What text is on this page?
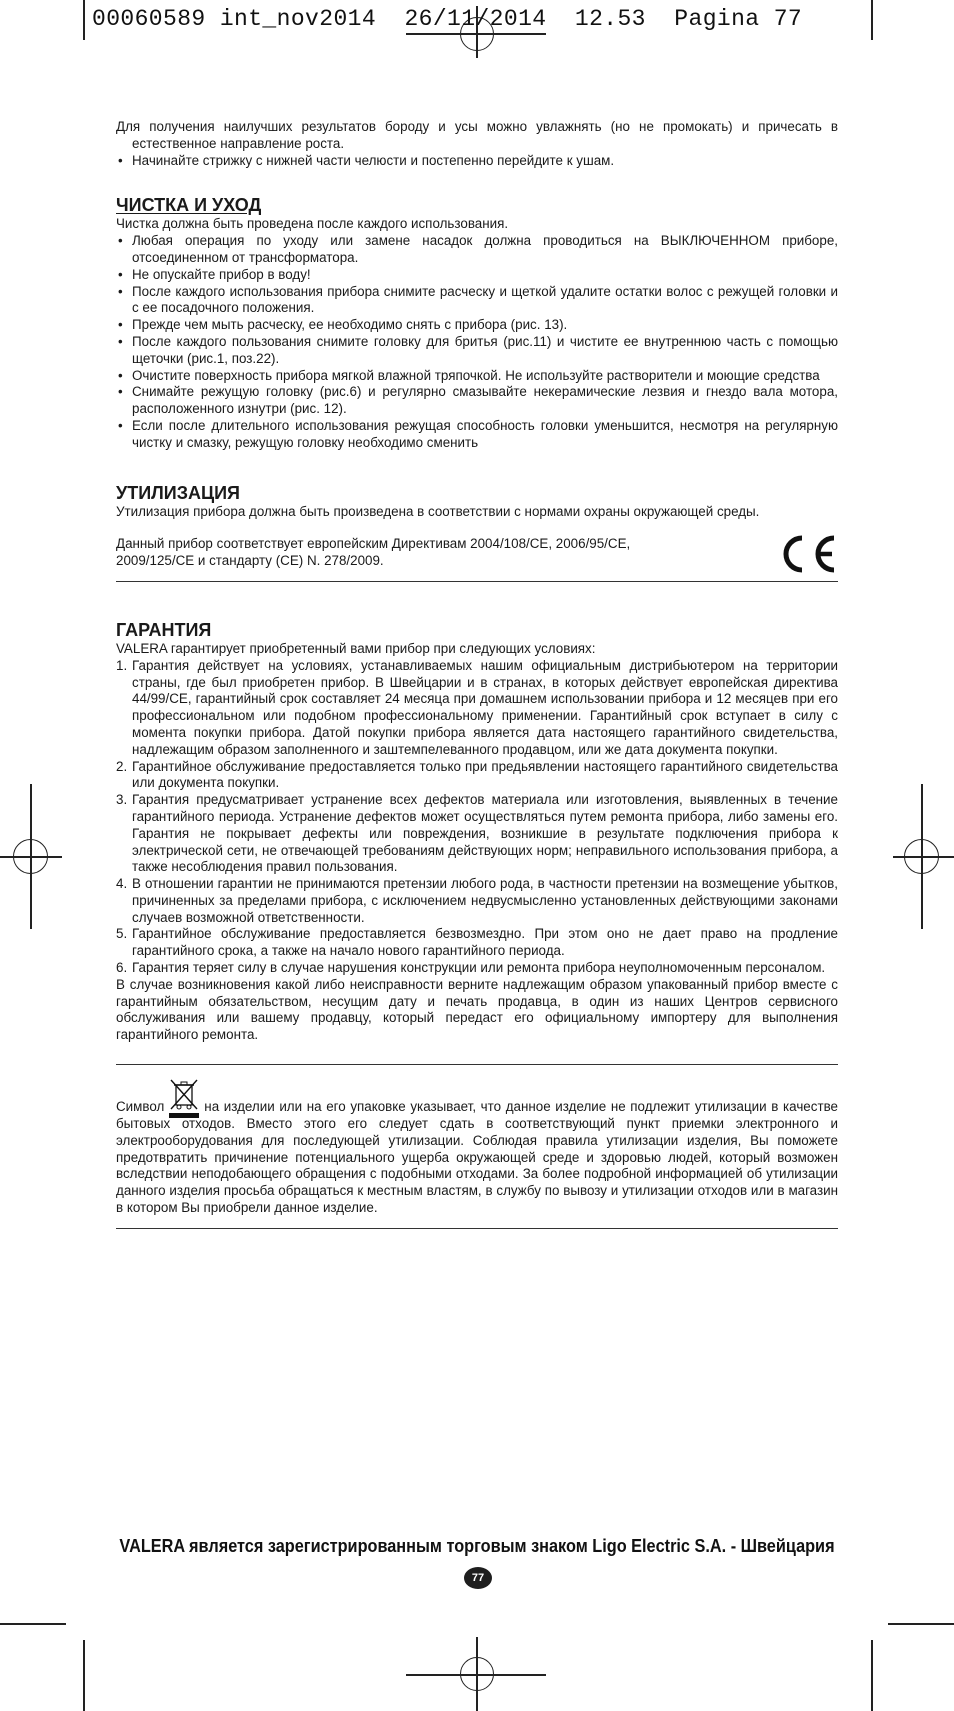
00060589 int_nov2014  26/11/2014  12.53  Pagina 77

Для получения наилучших результатов бороду и усы можно увлажнять (но не промокать) и причесать в естественное направление роста.

• Начинайте стрижку с нижней части челюсти и постепенно перейдите к ушам.
ЧИСТКА И УХОД

Чистка должна быть проведена после каждого использования.

• Любая операция по уходу или замене насадок должна проводиться на ВЫКЛЮЧЕННОМ приборе, отсоединенном от трансформатора.
• Не опускайте прибор в воду!
• После каждого использования прибора снимите расческу и щеткой удалите остатки волос с режущей головки и с ее посадочного положения.
• Прежде чем мыть расческу, ее необходимо снять с прибора (рис. 13).
• После каждого пользования снимите головку для бритья (рис.11) и чистите ее внутреннюю часть с помощью щеточки (рис.1, поз.22).
• Очистите поверхность прибора мягкой влажной тряпочкой. Не используйте растворители и моющие средства
• Снимайте режущую головку (рис.6) и регулярно смазывайте некерамические лезвия и гнездо вала мотора, расположенного изнутри (рис. 12).
• Если после длительного использования режущая способность головки уменьшится, несмотря на регулярную чистку и смазку, режущую головку необходимо сменить
УТИЛИЗАЦИЯ

Утилизация прибора должна быть произведена в соответствии с нормами охраны окружающей среды.

Данный прибор соответствует европейским Директивам 2004/108/CE, 2006/95/CE,

2009/125/CE и стандарту (CE) N. 278/2009.

ГАРАНТИЯ

VALERA гарантирует приобретенный вами прибор при следующих условиях:

1. Гарантия действует на условиях, устанавливаемых нашим официальным дистрибьютером на территории страны, где был приобретен прибор. В Швейцарии и в странах, в которых действует европейская директива 44/99/CE, гарантийный срок составляет 24 месяца при домашнем использовании прибора и 12 месяцев при его профессиональном или подобном профессиональному применении. Гарантийный срок вступает в силу с момента покупки прибора. Датой покупки прибора является дата настоящего гарантийного свидетельства, надлежащим образом заполненного и заштемпелеванного продавцом, или же дата документа покупки.
2. Гарантийное обслуживание предоставляется только при предьявлении настоящего гарантийного свидетельства или документа покупки.
3. Гарантия предусматривает устранение всех дефектов материала или изготовления, выявленных в течение гарантийного периода. Устранение дефектов может осуществляться путем ремонта прибора, либо замены его. Гарантия не покрывает дефекты или повреждения, возникшие в результате подключения прибора к электрической сети, не отвечающей требованиям действующих норм; неправильного использования прибора, а также несоблюдения правил пользования.
4. В отношении гарантии не принимаются претензии любого рода, в частности претензии на возмещение убытков, причиненных за пределами прибора, с исключением недвусмысленно установленных действующими законами случаев возможной ответственности.
5. Гарантийное обслуживание предоставляется безвозмездно. При этом оно не дает право на продление гарантийного срока, а также на начало нового гарантийного периода.
6. Гарантия теряет силу в случае нарушения конструкции или ремонта прибора неуполномоченным персоналом.

В случае возникновения какой либо неисправности верните надлежащим образом упакованный прибор вместе с гарантийным обязательством, несущим дату и печать продавца, в один из наших Центров сервисного обслуживания или вашему продавцу, который передаст его официальному импортеру для выполнения гарантийного ремонта.

Символ	на изделии или на его упаковке указывает, что данное изделие не подлежит утилизации в качестве бытовых отходов. Вместо этого его следует сдать в соответствующий пункт приемки электронного и электрооборудования для последующей утилизации. Соблюдая правила утилизации изделия, Вы поможете предотвратить причинение потенциального ущерба окружающей среде и здоровью людей, который возможен вследствии неподобающего обращения с подобными отходами. За более подробной информацией об утилизации данного изделия просьба обращаться к местным властям, в службу по вывозу и утилизации отходов или в магазин в котором Вы приобрели данное изделие.

VALERA является зарегистрированным торговым знаком Ligo Electric S.A. - Швейцария
77
